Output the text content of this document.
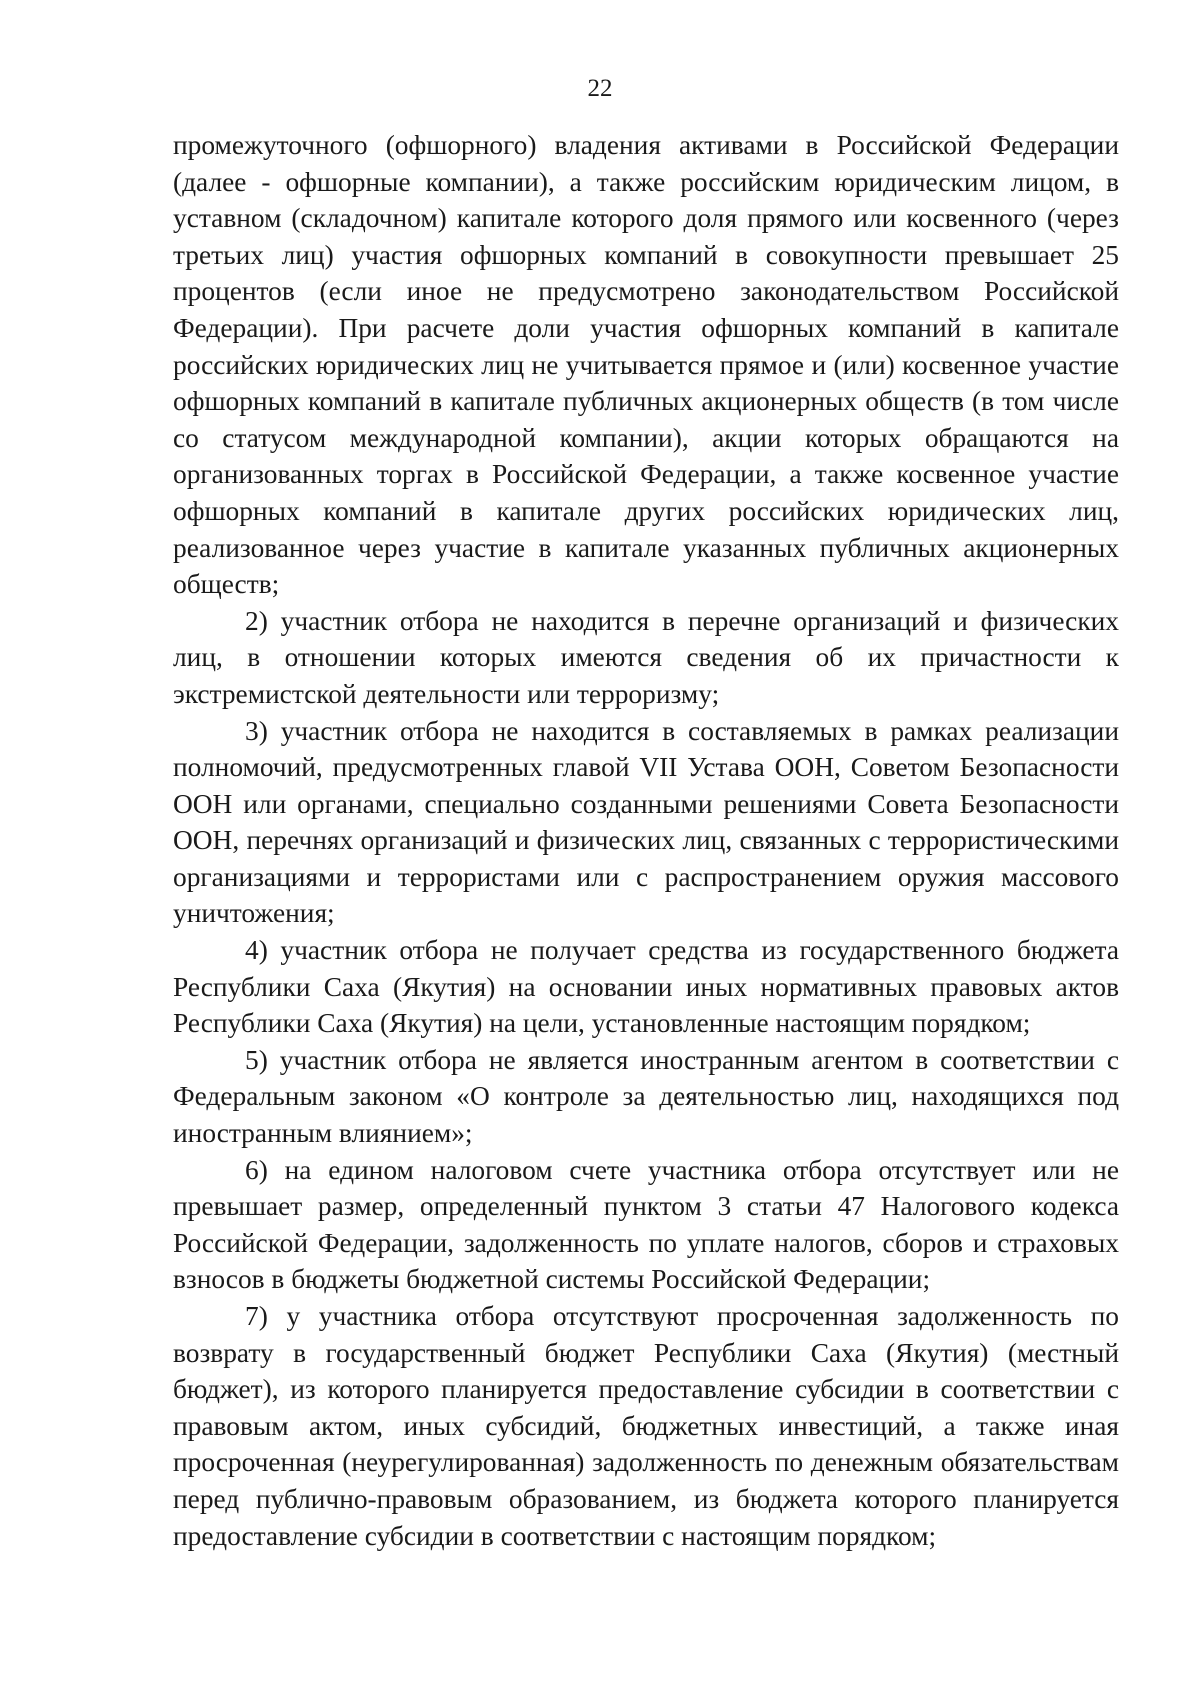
22

промежуточного (офшорного) владения активами в Российской Федерации (далее - офшорные компании), а также российским юридическим лицом, в уставном (складочном) капитале которого доля прямого или косвенного (через третьих лиц) участия офшорных компаний в совокупности превышает 25 процентов (если иное не предусмотрено законодательством Российской Федерации). При расчете доли участия офшорных компаний в капитале российских юридических лиц не учитывается прямое и (или) косвенное участие офшорных компаний в капитале публичных акционерных обществ (в том числе со статусом международной компании), акции которых обращаются на организованных торгах в Российской Федерации, а также косвенное участие офшорных компаний в капитале других российских юридических лиц, реализованное через участие в капитале указанных публичных акционерных обществ;

2) участник отбора не находится в перечне организаций и физических лиц, в отношении которых имеются сведения об их причастности к экстремистской деятельности или терроризму;

3) участник отбора не находится в составляемых в рамках реализации полномочий, предусмотренных главой VII Устава ООН, Советом Безопасности ООН или органами, специально созданными решениями Совета Безопасности ООН, перечнях организаций и физических лиц, связанных с террористическими организациями и террористами или с распространением оружия массового уничтожения;

4) участник отбора не получает средства из государственного бюджета Республики Саха (Якутия) на основании иных нормативных правовых актов Республики Саха (Якутия) на цели, установленные настоящим порядком;

5) участник отбора не является иностранным агентом в соответствии с Федеральным законом «О контроле за деятельностью лиц, находящихся под иностранным влиянием»;

6) на едином налоговом счете участника отбора отсутствует или не превышает размер, определенный пунктом 3 статьи 47 Налогового кодекса Российской Федерации, задолженность по уплате налогов, сборов и страховых взносов в бюджеты бюджетной системы Российской Федерации;

7) у участника отбора отсутствуют просроченная задолженность по возврату в государственный бюджет Республики Саха (Якутия) (местный бюджет), из которого планируется предоставление субсидии в соответствии с правовым актом, иных субсидий, бюджетных инвестиций, а также иная просроченная (неурегулированная) задолженность по денежным обязательствам перед публично-правовым образованием, из бюджета которого планируется предоставление субсидии в соответствии с настоящим порядком;
